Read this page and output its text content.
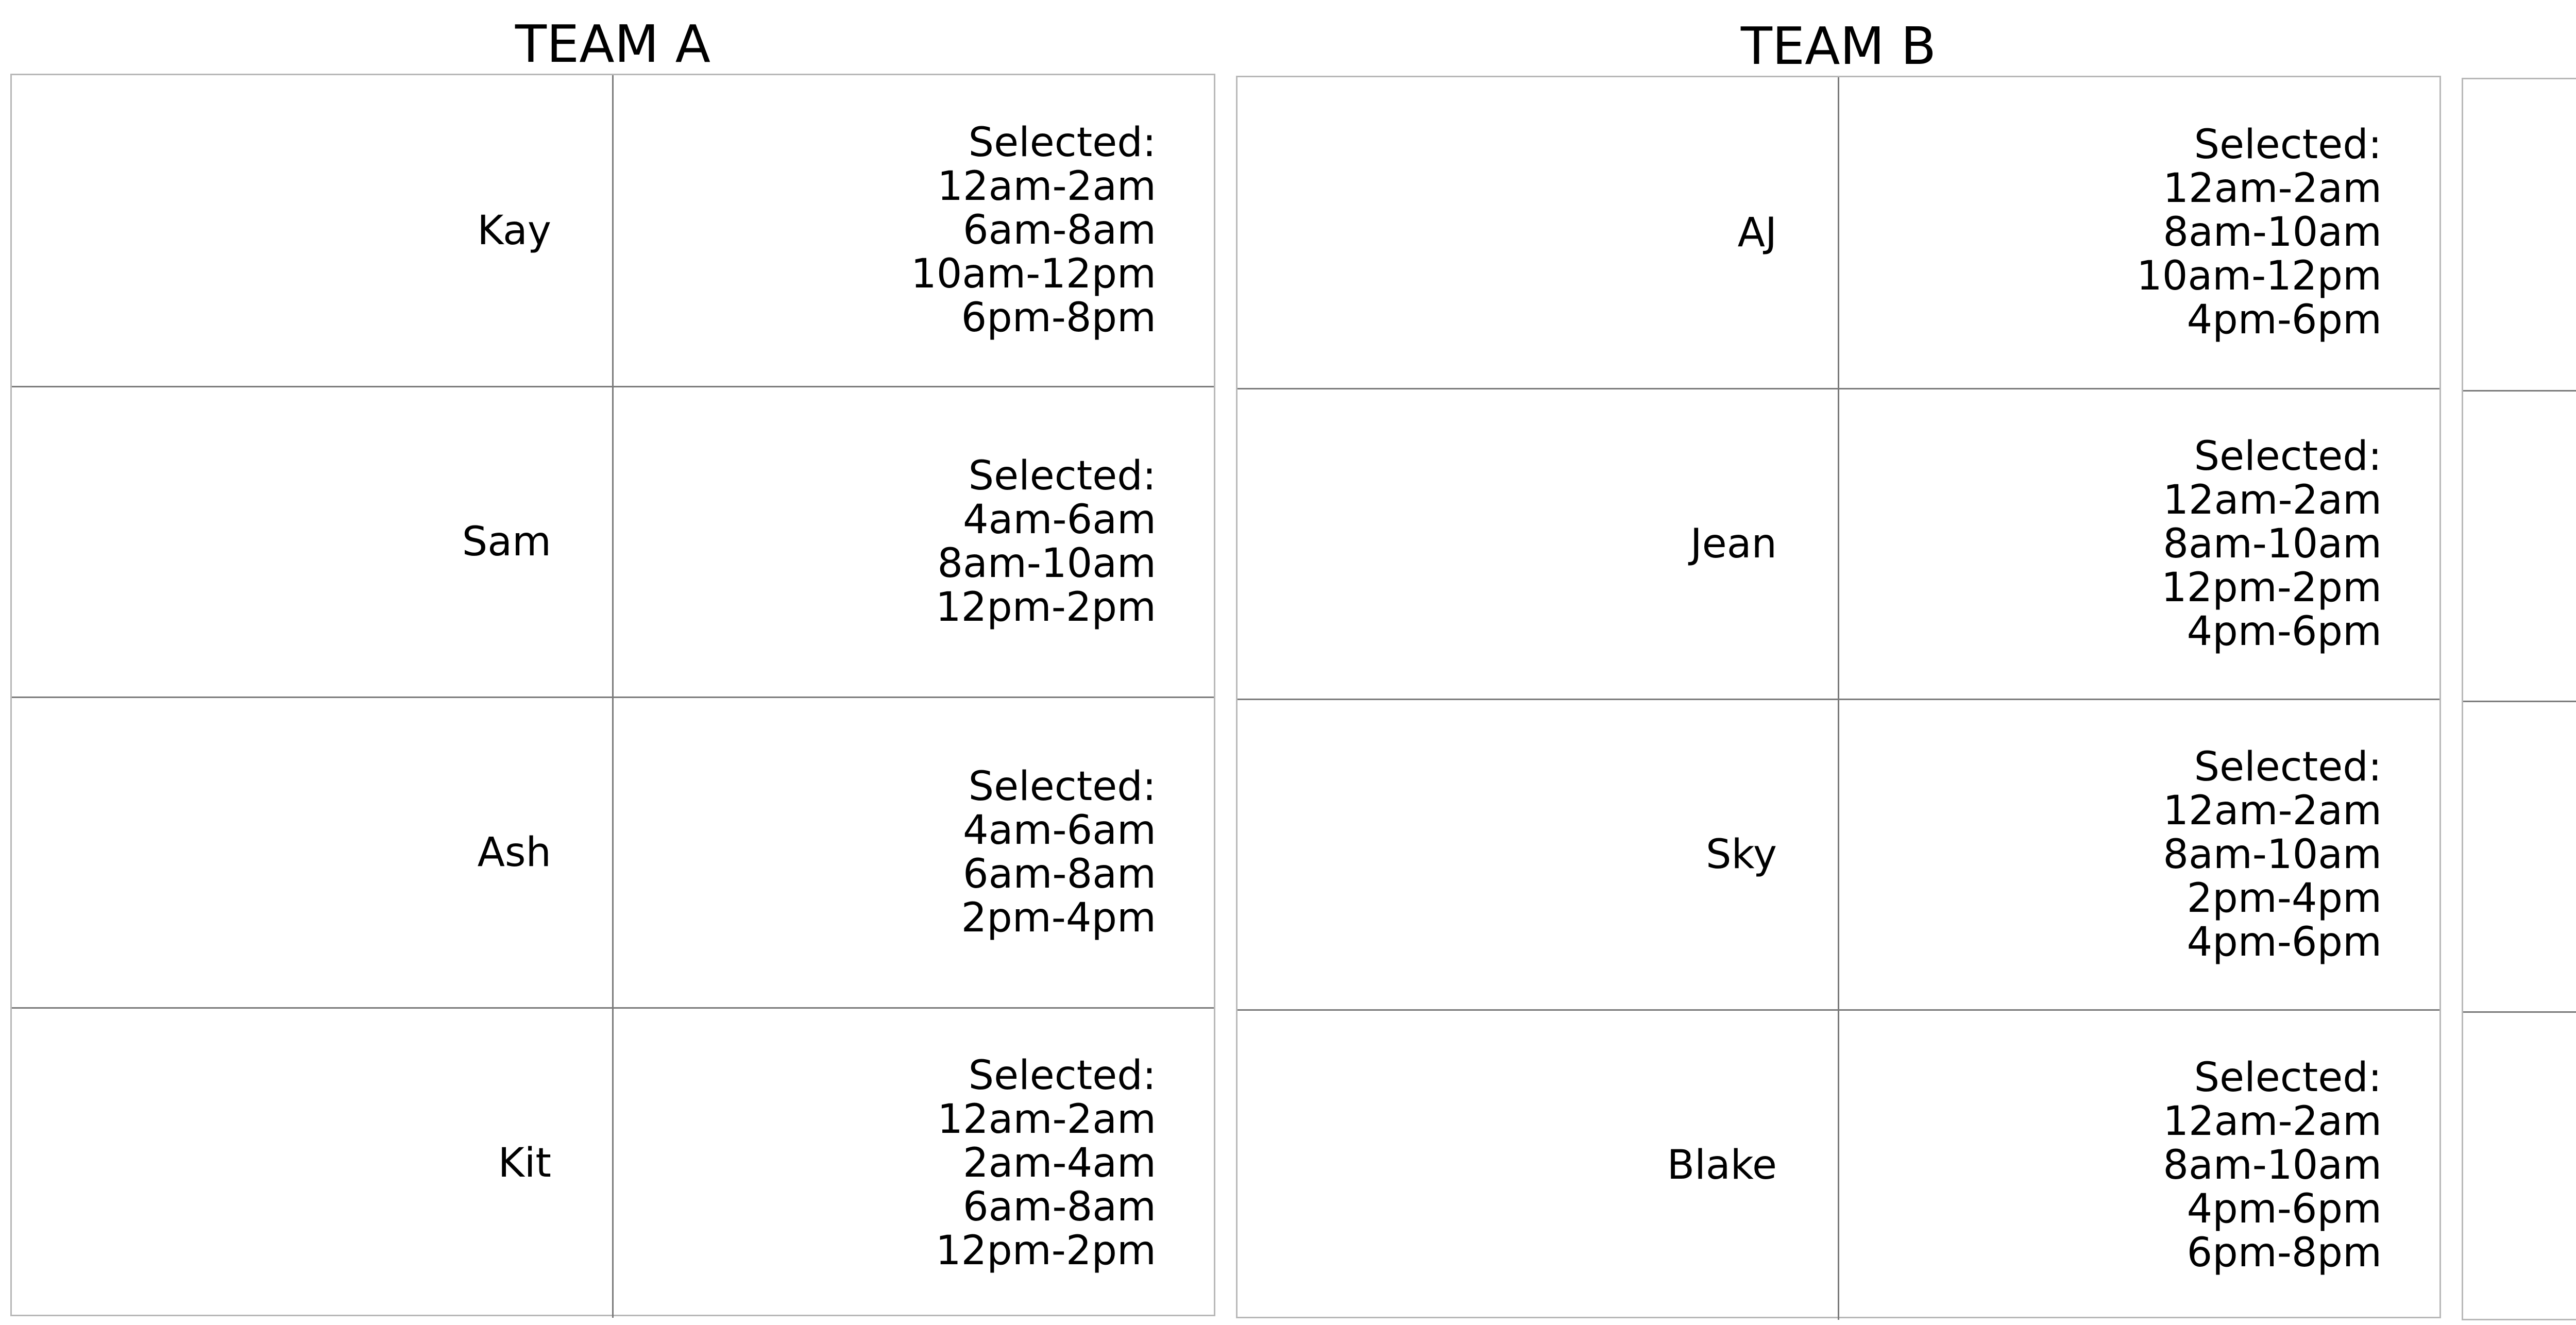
TEAM A
Kay
Selected:
12am-2am
6am-8am
10am-12pm
6pm-8pm
Sam
Selected:
4am-6am
8am-10am
12pm-2pm
Ash
Selected:
4am-6am
6am-8am
2pm-4pm
Kit
Selected:
12am-2am
2am-4am
6am-8am
12pm-2pm
TEAM B
AJ
Selected:
12am-2am
8am-10am
10am-12pm
4pm-6pm
Jean
Selected:
12am-2am
8am-10am
12pm-2pm
4pm-6pm
Sky
Selected:
12am-2am
8am-10am
2pm-4pm
4pm-6pm
Blake
Selected:
12am-2am
8am-10am
4pm-6pm
6pm-8pm
